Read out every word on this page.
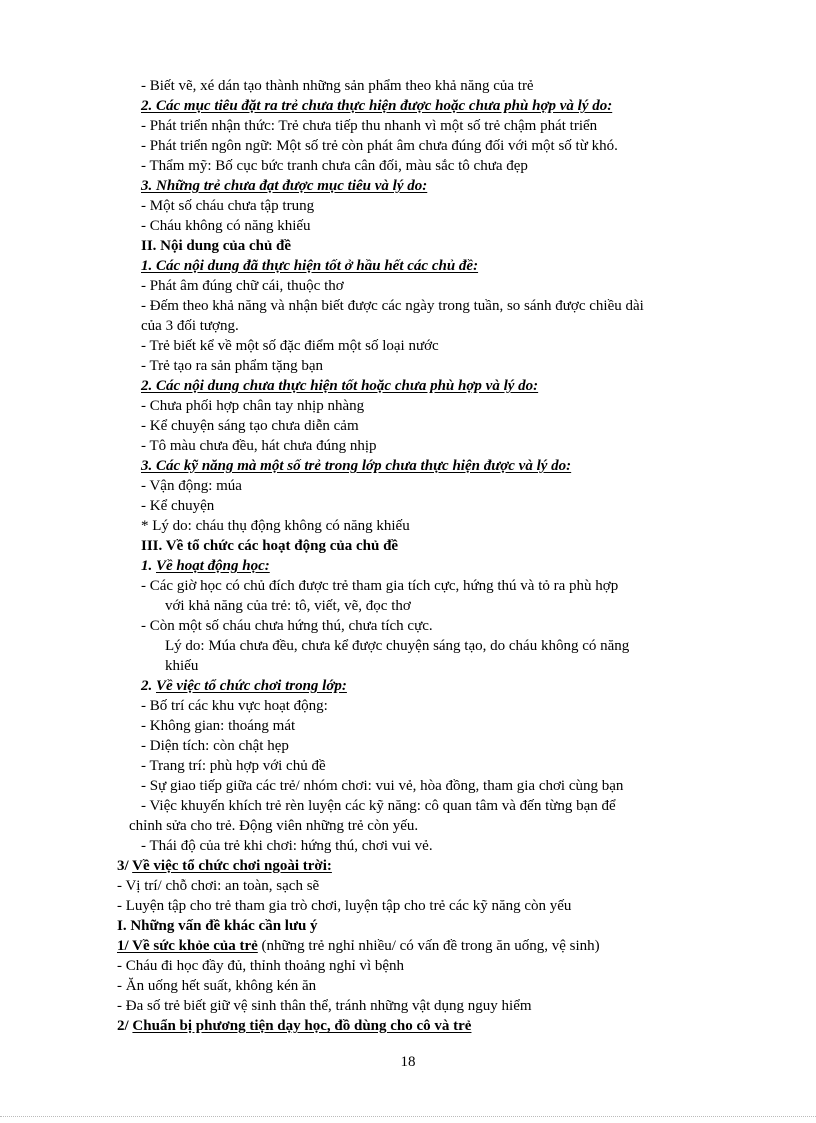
- Biết vẽ, xé dán tạo thành những sản phẩm theo khả năng của trẻ
2. Các mục tiêu đặt ra trẻ chưa thực hiện được hoặc chưa phù hợp và lý do:
- Phát triển nhận thức: Trẻ chưa tiếp thu nhanh vì một số trẻ chậm phát triển
- Phát triển ngôn ngữ: Một số trẻ còn phát âm chưa đúng đối với một số từ khó.
- Thẩm mỹ: Bố cục bức tranh chưa cân đối, màu sắc tô chưa đẹp
3. Những trẻ chưa đạt được mục tiêu và lý do:
- Một số cháu chưa tập trung
- Cháu không có năng khiếu
II. Nội dung của chủ đề
1. Các nội dung đã thực hiện tốt ở hầu hết các chủ đề:
- Phát âm đúng chữ cái, thuộc thơ
- Đếm theo khả năng và nhận biết được các ngày trong tuần, so sánh được chiều dài
của 3 đối tượng.
- Trẻ biết kể về một số đặc điểm một số loại nước
- Trẻ tạo ra sản phẩm tặng bạn
2. Các nội dung chưa thực hiện tốt hoặc chưa phù hợp và lý do:
- Chưa phối hợp chân tay nhịp nhàng
- Kể chuyện sáng tạo chưa diễn cảm
- Tô màu chưa đều, hát chưa đúng nhịp
3. Các kỹ năng mà một số trẻ trong lớp chưa thực hiện được và lý do:
- Vận động: múa
- Kể chuyện
* Lý do: cháu thụ động không có năng khiếu
III. Về tổ chức các hoạt động của chủ đề
1. Về hoạt động học:
- Các giờ học có chủ đích được trẻ tham gia tích cực, hứng thú và tỏ ra phù hợp
với khả năng của trẻ: tô, viết, vẽ, đọc thơ
- Còn một số cháu chưa hứng thú, chưa tích cực.
Lý do: Múa chưa đều, chưa kể được chuyện sáng tạo, do cháu không có năng
khiếu
2. Về việc tổ chức chơi trong lớp:
- Bố trí các khu vực hoạt động:
- Không gian: thoáng mát
- Diện tích: còn chật hẹp
- Trang trí: phù hợp với chủ đề
- Sự giao tiếp giữa các trẻ/ nhóm chơi: vui vẻ, hòa đồng, tham gia chơi cùng bạn
- Việc khuyến khích trẻ rèn luyện các kỹ năng: cô quan tâm và đến từng bạn để
chỉnh sửa cho trẻ. Động viên những trẻ còn yếu.
- Thái độ của trẻ khi chơi: hứng thú, chơi vui vẻ.
3/ Về việc tổ chức chơi ngoài trời:
- Vị trí/ chỗ chơi: an toàn, sạch sẽ
- Luyện tập cho trẻ tham gia trò chơi, luyện tập cho trẻ các kỹ năng còn yếu
I. Những vấn đề khác cần lưu ý
1/ Về sức khỏe của trẻ (những trẻ nghỉ nhiều/ có vấn đề trong ăn uống, vệ sinh)
- Cháu đi học đầy đủ, thỉnh thoảng nghỉ vì bệnh
- Ăn uống hết suất, không kén ăn
- Đa số trẻ biết giữ vệ sinh thân thể, tránh những vật dụng nguy hiểm
2/ Chuẩn bị phương tiện dạy học, đồ dùng cho cô và trẻ
18
